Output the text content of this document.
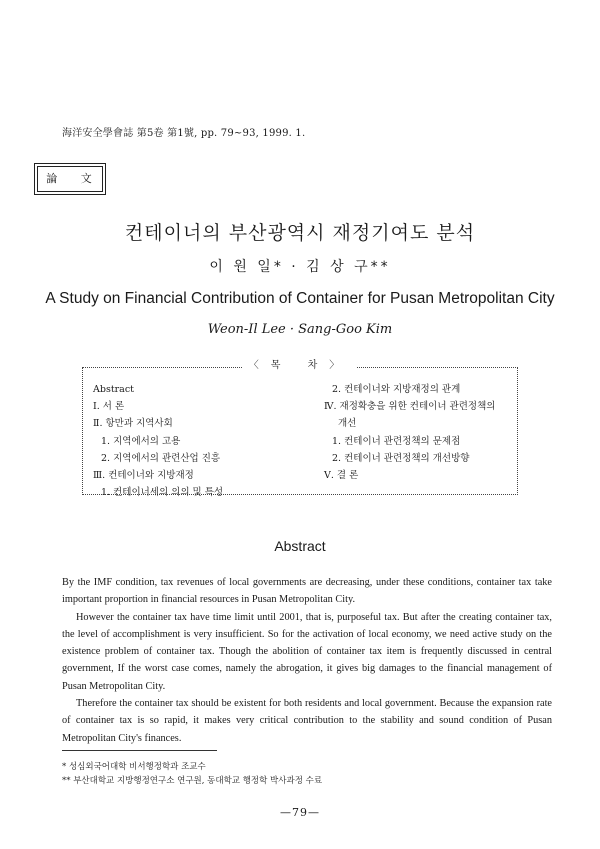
海洋安全學會誌 第5卷 第1號, pp. 79~93, 1999. 1.
論 文
컨테이너의 부산광역시 재정기여도 분석
이 원 일* · 김 상 구**
A Study on Financial Contribution of Container for Pusan Metropolitan City
Weon-Il Lee · Sang-Goo Kim
〈목 차〉
Abstract
Ⅰ. 서 론
Ⅱ. 항만과 지역사회
1. 지역에서의 고용
2. 지역에서의 관련산업 진흥
Ⅲ. 컨테이너와 지방재정
1. 컨테이너세의 의의 및 특성
2. 컨테이너와 지방재정의 관계
Ⅳ. 재정확충을 위한 컨테이너 관련정책의
개선
1. 컨테이너 관련정책의 문제점
2. 컨테이너 관련정책의 개선방향
Ⅴ. 결 론
Abstract

By the IMF condition, tax revenues of local governments are decreasing, under these conditions, container tax take important proportion in financial resources in Pusan Metropolitan City.

However the container tax have time limit until 2001, that is, purposeful tax. But after the creating container tax, the level of accomplishment is very insufficient. So for the activation of local economy, we need active study on the existence problem of container tax. Though the abolition of container tax item is frequently discussed in central government, If the worst case comes, namely the abrogation, it gives big damages to the financial management of Pusan Metropolitan City.

Therefore the container tax should be existent for both residents and local government. Because the expansion rate of container tax is so rapid, it makes very critical contribution to the stability and sound condition of Pusan Metropolitan City's finances.

* 성심외국어대학 비서행정학과 조교수
** 부산대학교 지방행정연구소 연구원, 동대학교 행정학 박사과정 수료
—79—
